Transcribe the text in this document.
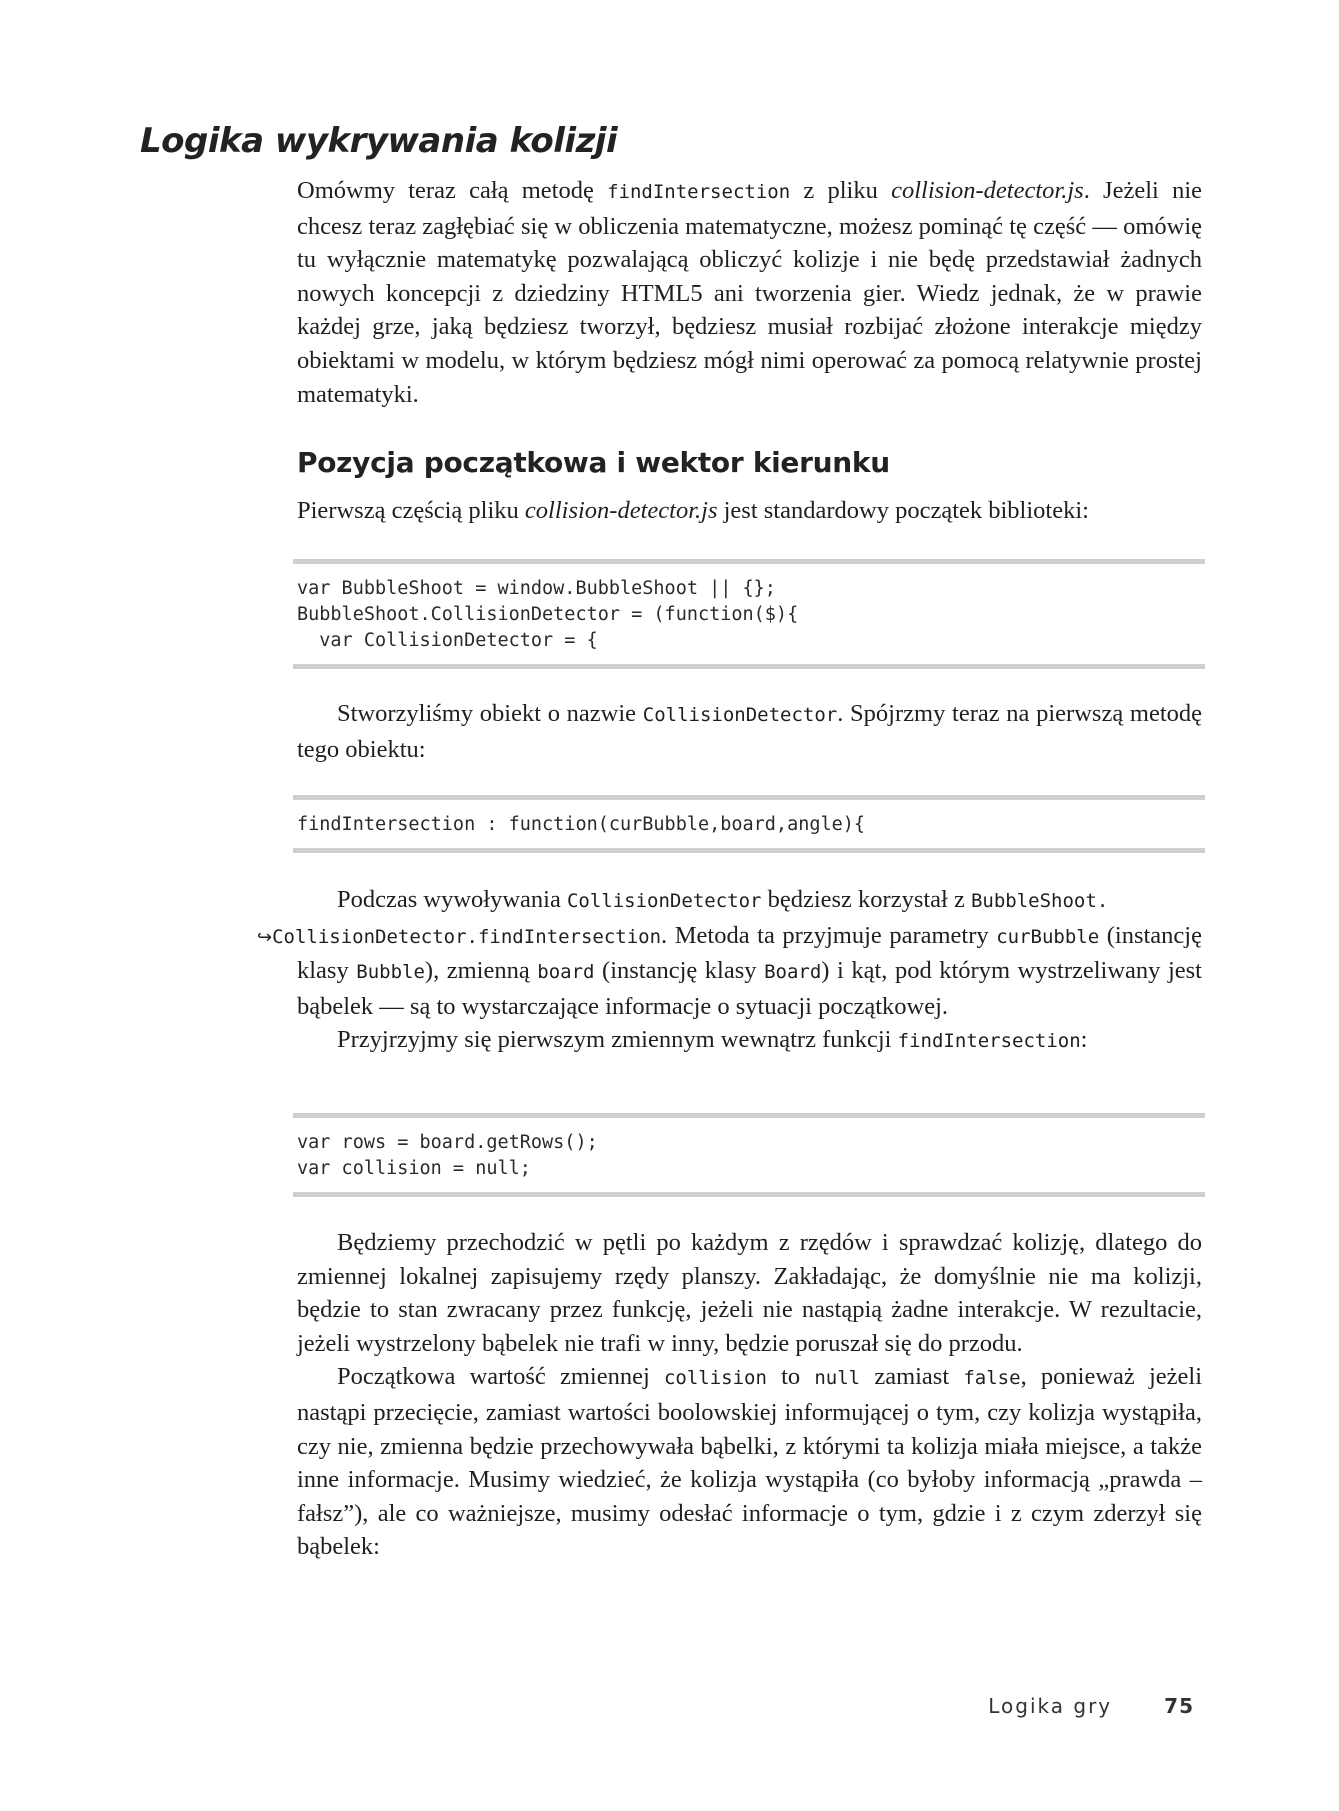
Logika wykrywania kolizji

Omówmy teraz całą metodę findIntersection z pliku collision-detector.js. Jeżeli nie chcesz teraz zagłębiać się w obliczenia matematyczne, możesz pominąć tę część — omówię tu wyłącznie matematykę pozwalającą obliczyć kolizje i nie będę przedstawiał żadnych nowych koncepcji z dziedziny HTML5 ani tworzenia gier. Wiedz jednak, że w prawie każdej grze, jaką będziesz tworzył, będziesz musiał rozbijać złożone interakcje między obiektami w modelu, w którym będziesz mógł nimi operować za pomocą relatywnie prostej matematyki.

Pozycja początkowa i wektor kierunku

Pierwszą częścią pliku collision-detector.js jest standardowy początek biblioteki:

var BubbleShoot = window.BubbleShoot || {};
BubbleShoot.CollisionDetector = (function($){
var CollisionDetector = {

Stworzyliśmy obiekt o nazwie CollisionDetector. Spójrzmy teraz na pierwszą metodę tego obiektu:

findIntersection : function(curBubble,board,angle){

Podczas wywoływania CollisionDetector będziesz korzystał z BubbleShoot.
↪CollisionDetector.findIntersection. Metoda ta przyjmuje parametry curBubble (instancję klasy Bubble), zmienną board (instancję klasy Board) i kąt, pod którym wystrzeliwany jest bąbelek — są to wystarczające informacje o sytuacji początkowej.

Przyjrzyjmy się pierwszym zmiennym wewnątrz funkcji findIntersection:

var rows = board.getRows();
var collision = null;

Będziemy przechodzić w pętli po każdym z rzędów i sprawdzać kolizję, dlatego do zmiennej lokalnej zapisujemy rzędy planszy. Zakładając, że domyślnie nie ma kolizji, będzie to stan zwracany przez funkcję, jeżeli nie nastąpią żadne interakcje. W rezultacie, jeżeli wystrzelony bąbelek nie trafi w inny, będzie poruszał się do przodu.

Początkowa wartość zmiennej collision to null zamiast false, ponieważ jeżeli nastąpi przecięcie, zamiast wartości boolowskiej informującej o tym, czy kolizja wystąpiła, czy nie, zmienna będzie przechowywała bąbelki, z którymi ta kolizja miała miejsce, a także inne informacje. Musimy wiedzieć, że kolizja wystąpiła (co byłoby informacją „prawda – fałsz”), ale co ważniejsze, musimy odesłać informacje o tym, gdzie i z czym zderzył się bąbelek:

Logika gry	75
